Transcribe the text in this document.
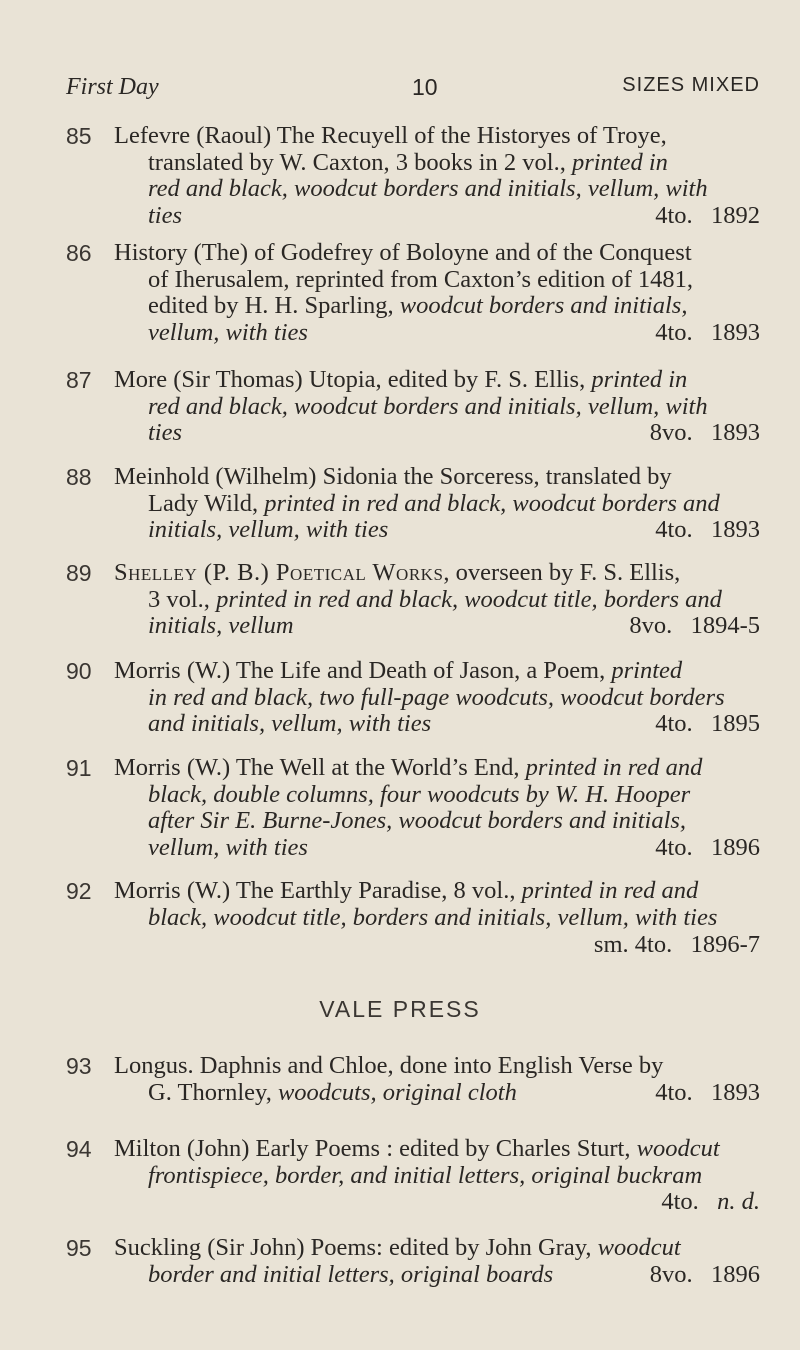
First Day	10	SIZES MIXED
85 Lefevre (Raoul) The Recuyell of the Historyes of Troye,
translated by W. Caxton, 3 books in 2 vol., printed in
red and black, woodcut borders and initials, vellum, with
ties	4to. 1892
86 History (The) of Godefrey of Boloyne and of the Conquest
of Iherusalem, reprinted from Caxton’s edition of 1481,
edited by H. H. Sparling, woodcut borders and initials,
vellum, with ties	4to. 1893
87 More (Sir Thomas) Utopia, edited by F. S. Ellis, printed in
red and black, woodcut borders and initials, vellum, with
ties	8vo. 1893
88 Meinhold (Wilhelm) Sidonia the Sorceress, translated by
Lady Wild, printed in red and black, woodcut borders and
initials, vellum, with ties	4to. 1893
89 Shelley (P. B.) Poetical Works, overseen by F. S. Ellis,
3 vol., printed in red and black, woodcut title, borders and
initials, vellum	8vo. 1894-5
90 Morris (W.) The Life and Death of Jason, a Poem, printed
in red and black, two full-page woodcuts, woodcut borders
and initials, vellum, with ties	4to. 1895
91 Morris (W.) The Well at the World’s End, printed in red and
black, double columns, four woodcuts by W. H. Hooper
after Sir E. Burne-Jones, woodcut borders and initials,
vellum, with ties	4to. 1896
92 Morris (W.) The Earthly Paradise, 8 vol., printed in red and
black, woodcut title, borders and initials, vellum, with ties
sm. 4to. 1896-7
VALE PRESS
93 Longus. Daphnis and Chloe, done into English Verse by
G. Thornley, woodcuts, original cloth	4to. 1893
94 Milton (John) Early Poems : edited by Charles Sturt, woodcut
frontispiece, border, and initial letters, original buckram
4to. n. d.
95 Suckling (Sir John) Poems: edited by John Gray, woodcut
border and initial letters, original boards	8vo. 1896
